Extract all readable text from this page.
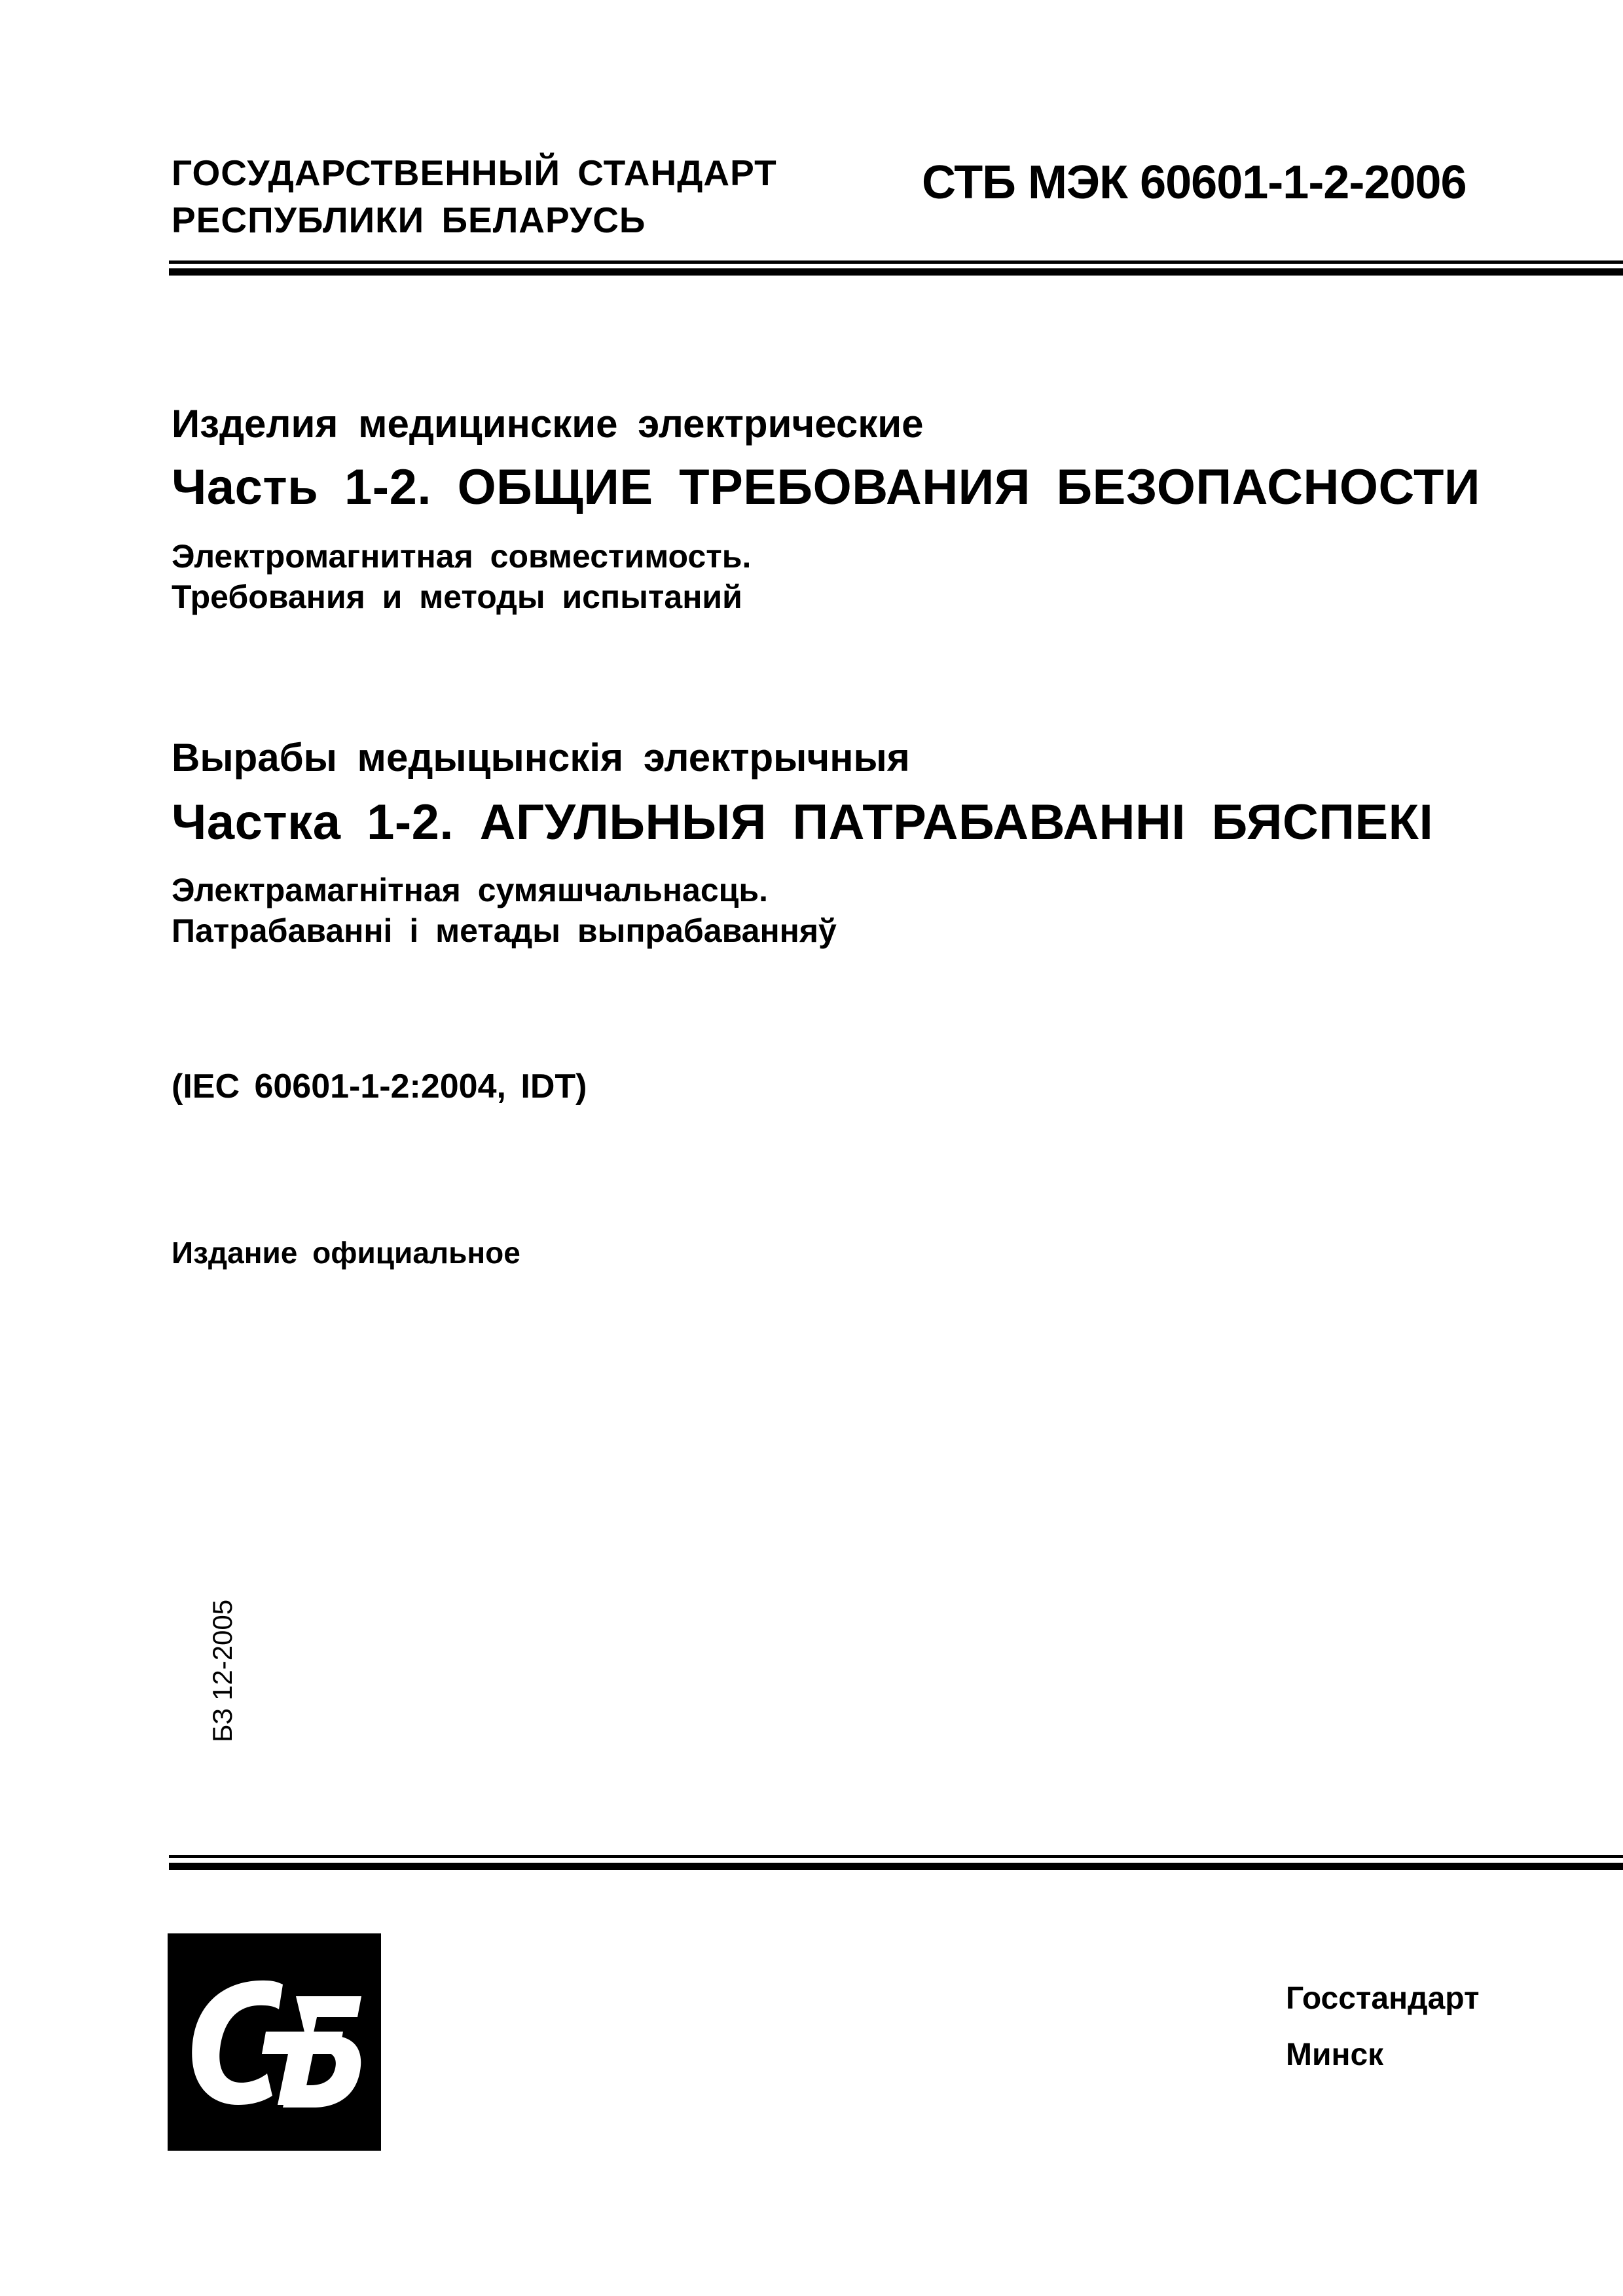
ГОСУДАРСТВЕННЫЙ СТАНДАРТ
РЕСПУБЛИКИ БЕЛАРУСЬ
СТБ МЭК 60601-1-2-2006
Изделия медицинские электрические
Часть 1-2. ОБЩИЕ ТРЕБОВАНИЯ БЕЗОПАСНОСТИ
Электромагнитная совместимость.
Требования и методы испытаний
Вырабы медыцынскія электрычныя
Частка 1-2. АГУЛЬНЫЯ ПАТРАБАВАННІ БЯСПЕКІ
Электрамагнітная сумяшчальнасць.
Патрабаванні і метады выпрабаванняў
(IEC 60601-1-2:2004, IDT)
Издание официальное
БЗ 12-2005
Госстандарт
Минск
